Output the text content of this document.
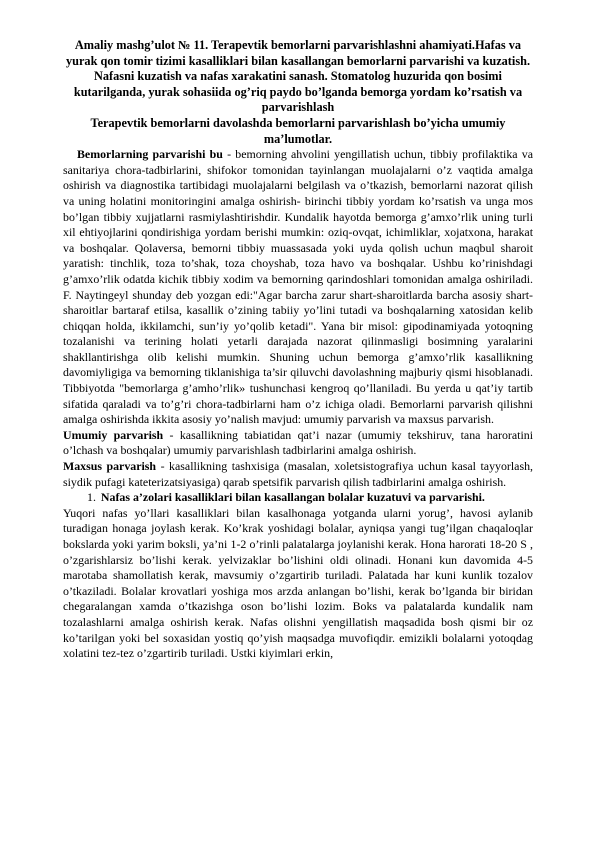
Amaliy mashg’ulot № 11. Terapevtik bemorlarni parvarishlashni ahamiyati.Hafas va yurak qon tomir tizimi kasalliklari bilan kasallangan bemorlarni parvarishi va kuzatish. Nafasni kuzatish va nafas xarakatini sanash. Stomatolog huzurida qon bosimi kutarilganda, yurak sohasiida og’riq paydo bo’lganda bemorga yordam ko’rsatish va parvarishlash
Terapevtik bemorlarni davolashda bemorlarni parvarishlash bo’yicha umumiy ma’lumotlar.

Bemorlarning parvarishi bu - bemorning ahvolini yengillatish uchun, tibbiy profilaktika va sanitariya chora-tadbirlarini, shifokor tomonidan tayinlangan muolajalarni o’z vaqtida amalga oshirish va diagnostika tartibidagi muolajalarni belgilash va o’tkazish, bemorlarni nazorat qilish va uning holatini monitoringini amalga oshirish- birinchi tibbiy yordam ko’rsatish va unga mos bo’lgan tibbiy xujjatlarni rasmiylashtirishdir. Kundalik hayotda bemorga g’amxo’rlik uning turli xil ehtiyojlarini qondirishiga yordam berishi mumkin: oziq-ovqat, ichimliklar, xojatxona, harakat va boshqalar. Qolaversa, bemorni tibbiy muassasada yoki uyda qolish uchun maqbul sharoit yaratish: tinchlik, toza to’shak, toza choyshab, toza havo va boshqalar. Ushbu ko’rinishdagi g’amxo’rlik odatda kichik tibbiy xodim va bemorning qarindoshlari tomonidan amalga oshiriladi. F. Naytingeyl shunday deb yozgan edi:"Agar barcha zarur shart-sharoitlarda barcha asosiy shart-sharoitlar bartaraf etilsa, kasallik o’zining tabiiy yo’lini tutadi va boshqalarning xatosidan kelib chiqqan holda, ikkilamchi, sun’iy yo’qolib ketadi". Yana bir misol: gipodinamiyada yotoqning tozalanishi va terining holati yetarli darajada nazorat qilinmasligi bosimning yaralarini shakllantirishga olib kelishi mumkin. Shuning uchun bemorga g’amxo’rlik kasallikning davomiyligiga va bemorning tiklanishiga ta’sir qiluvchi davolashning majburiy qismi hisoblanadi. Tibbiyotda "bemorlarga g’amho’rlik» tushunchasi kengroq qo’llaniladi. Bu yerda u qat’iy tartib sifatida qaraladi va to’g’ri chora-tadbirlarni ham o’z ichiga oladi. Bemorlarni parvarish qilishni amalga oshirishda ikkita asosiy yo’nalish mavjud: umumiy parvarish va maxsus parvarish.

Umumiy parvarish - kasallikning tabiatidan qat’i nazar (umumiy tekshiruv, tana haroratini o’lchash va boshqalar) umumiy parvarishlash tadbirlarini amalga oshirish.

Maxsus parvarish - kasallikning tashxisiga (masalan, xoletsistografiya uchun kasal tayyorlash, siydik pufagi kateterizatsiyasiga) qarab spetsifik parvarish qilish tadbirlarini amalga oshirish.

1. Nafas a’zolari kasalliklari bilan kasallangan bolalar kuzatuvi va parvarishi.

Yuqori nafas yo’llari kasalliklari bilan kasalhonaga yotganda ularni yorug’, havosi aylanib turadigan honaga joylash kerak. Ko’krak yoshidagi bolalar, ayniqsa yangi tug’ilgan chaqaloqlar bokslarda yoki yarim boksli, ya’ni 1-2 o’rinli palatalarga joylanishi kerak. Hona harorati 18-20 S , o’zgarishlarsiz bo’lishi kerak. yelvizaklar bo’lishini oldi olinadi. Honani kun davomida 4-5 marotaba shamollatish kerak, mavsumiy o’zgartirib turiladi. Palatada har kuni kunlik tozalov o’tkaziladi. Bolalar krovatlari yoshiga mos arzda anlangan bo’lishi, kerak bo’lganda bir biridan chegaralangan xamda o’tkazishga oson bo’lishi lozim. Boks va palatalarda kundalik nam tozalashlarni amalga oshirish kerak. Nafas olishni yengillatish maqsadida bosh qismi bir oz ko’tarilgan yoki bel soxasidan yostiq qo’yish maqsadga muvofiqdir. emizikli bolalarni yotoqdag xolatini tez-tez o’zgartirib turiladi. Ustki kiyimlari erkin,
